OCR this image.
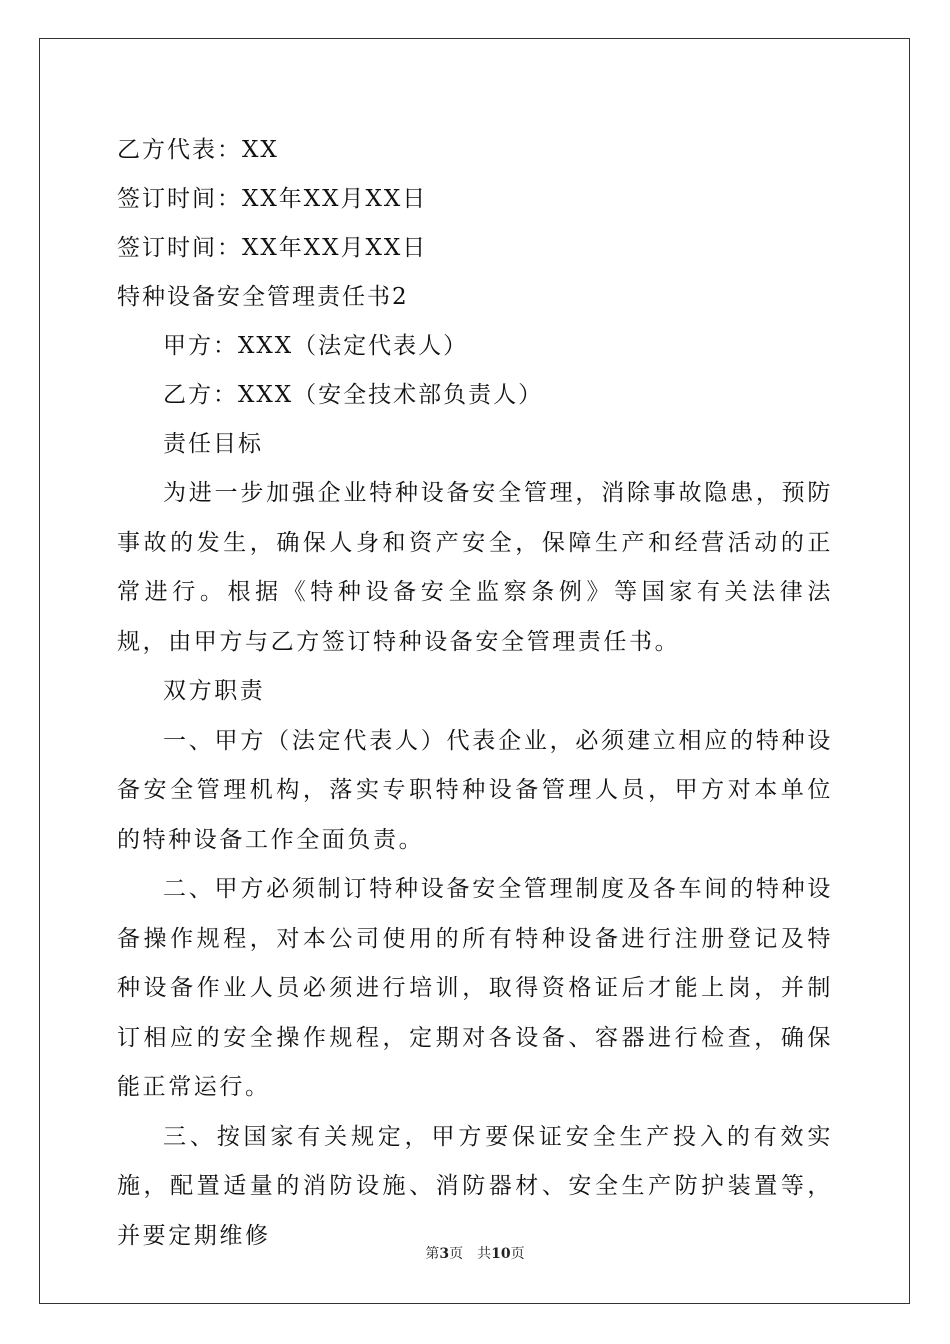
乙方代表：XX
签订时间：XX年XX月XX日
签订时间：XX年XX月XX日
特种设备安全管理责任书2
甲方：XXX（法定代表人）
乙方：XXX（安全技术部负责人）
责任目标

为进一步加强企业特种设备安全管理，消除事故隐患，预防事故的发生，确保人身和资产安全，保障生产和经营活动的正常进行。根据《特种设备安全监察条例》等国家有关法律法规，由甲方与乙方签订特种设备安全管理责任书。

双方职责

一、甲方（法定代表人）代表企业，必须建立相应的特种设备安全管理机构，落实专职特种设备管理人员，甲方对本单位的特种设备工作全面负责。

二、甲方必须制订特种设备安全管理制度及各车间的特种设备操作规程，对本公司使用的所有特种设备进行注册登记及特种设备作业人员必须进行培训，取得资格证后才能上岗，并制订相应的安全操作规程，定期对各设备、容器进行检查，确保能正常运行。

三、按国家有关规定，甲方要保证安全生产投入的有效实施，配置适量的消防设施、消防器材、安全生产防护装置等，并要定期维修

第3页　共10页
